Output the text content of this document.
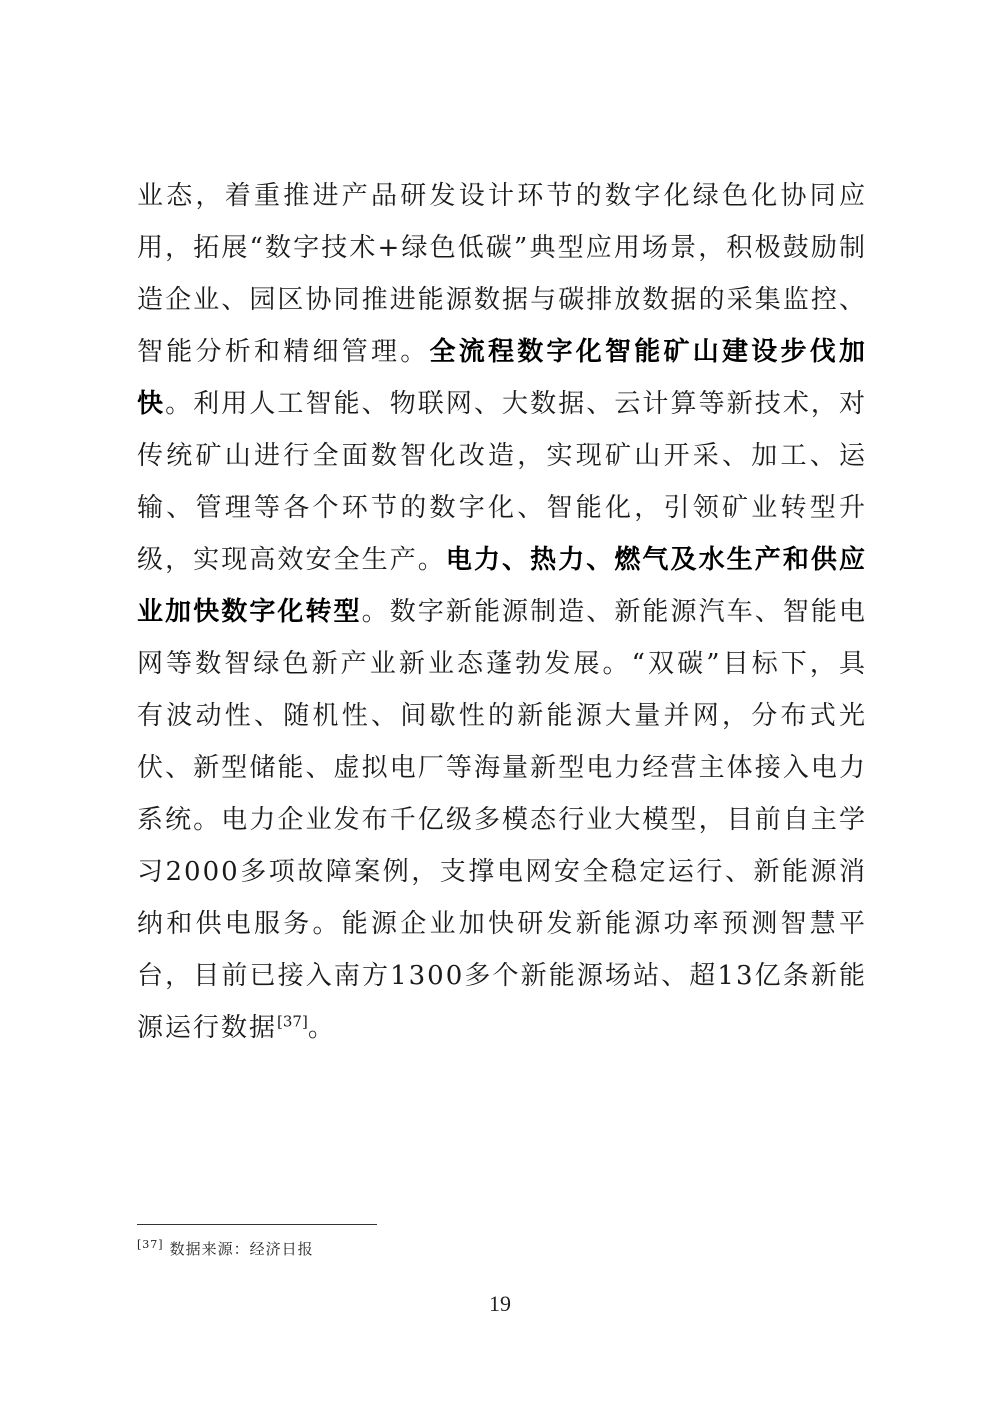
业态，着重推进产品研发设计环节的数字化绿色化协同应用，拓展“数字技术+绿色低碳”典型应用场景，积极鼓励制造企业、园区协同推进能源数据与碳排放数据的采集监控、智能分析和精细管理。全流程数字化智能矿山建设步伐加快。利用人工智能、物联网、大数据、云计算等新技术，对传统矿山进行全面数智化改造，实现矿山开采、加工、运输、管理等各个环节的数字化、智能化，引领矿业转型升级，实现高效安全生产。电力、热力、燃气及水生产和供应业加快数字化转型。数字新能源制造、新能源汽车、智能电网等数智绿色新产业新业态蓬勃发展。“双碳”目标下，具有波动性、随机性、间歇性的新能源大量并网，分布式光伏、新型储能、虚拟电厂等海量新型电力经营主体接入电力系统。电力企业发布千亿级多模态行业大模型，目前自主学习2000多项故障案例，支撑电网安全稳定运行、新能源消纳和供电服务。能源企业加快研发新能源功率预测智慧平台，目前已接入南方1300多个新能源场站、超13亿条新能源运行数据[37]。
[37] 数据来源：经济日报
19
